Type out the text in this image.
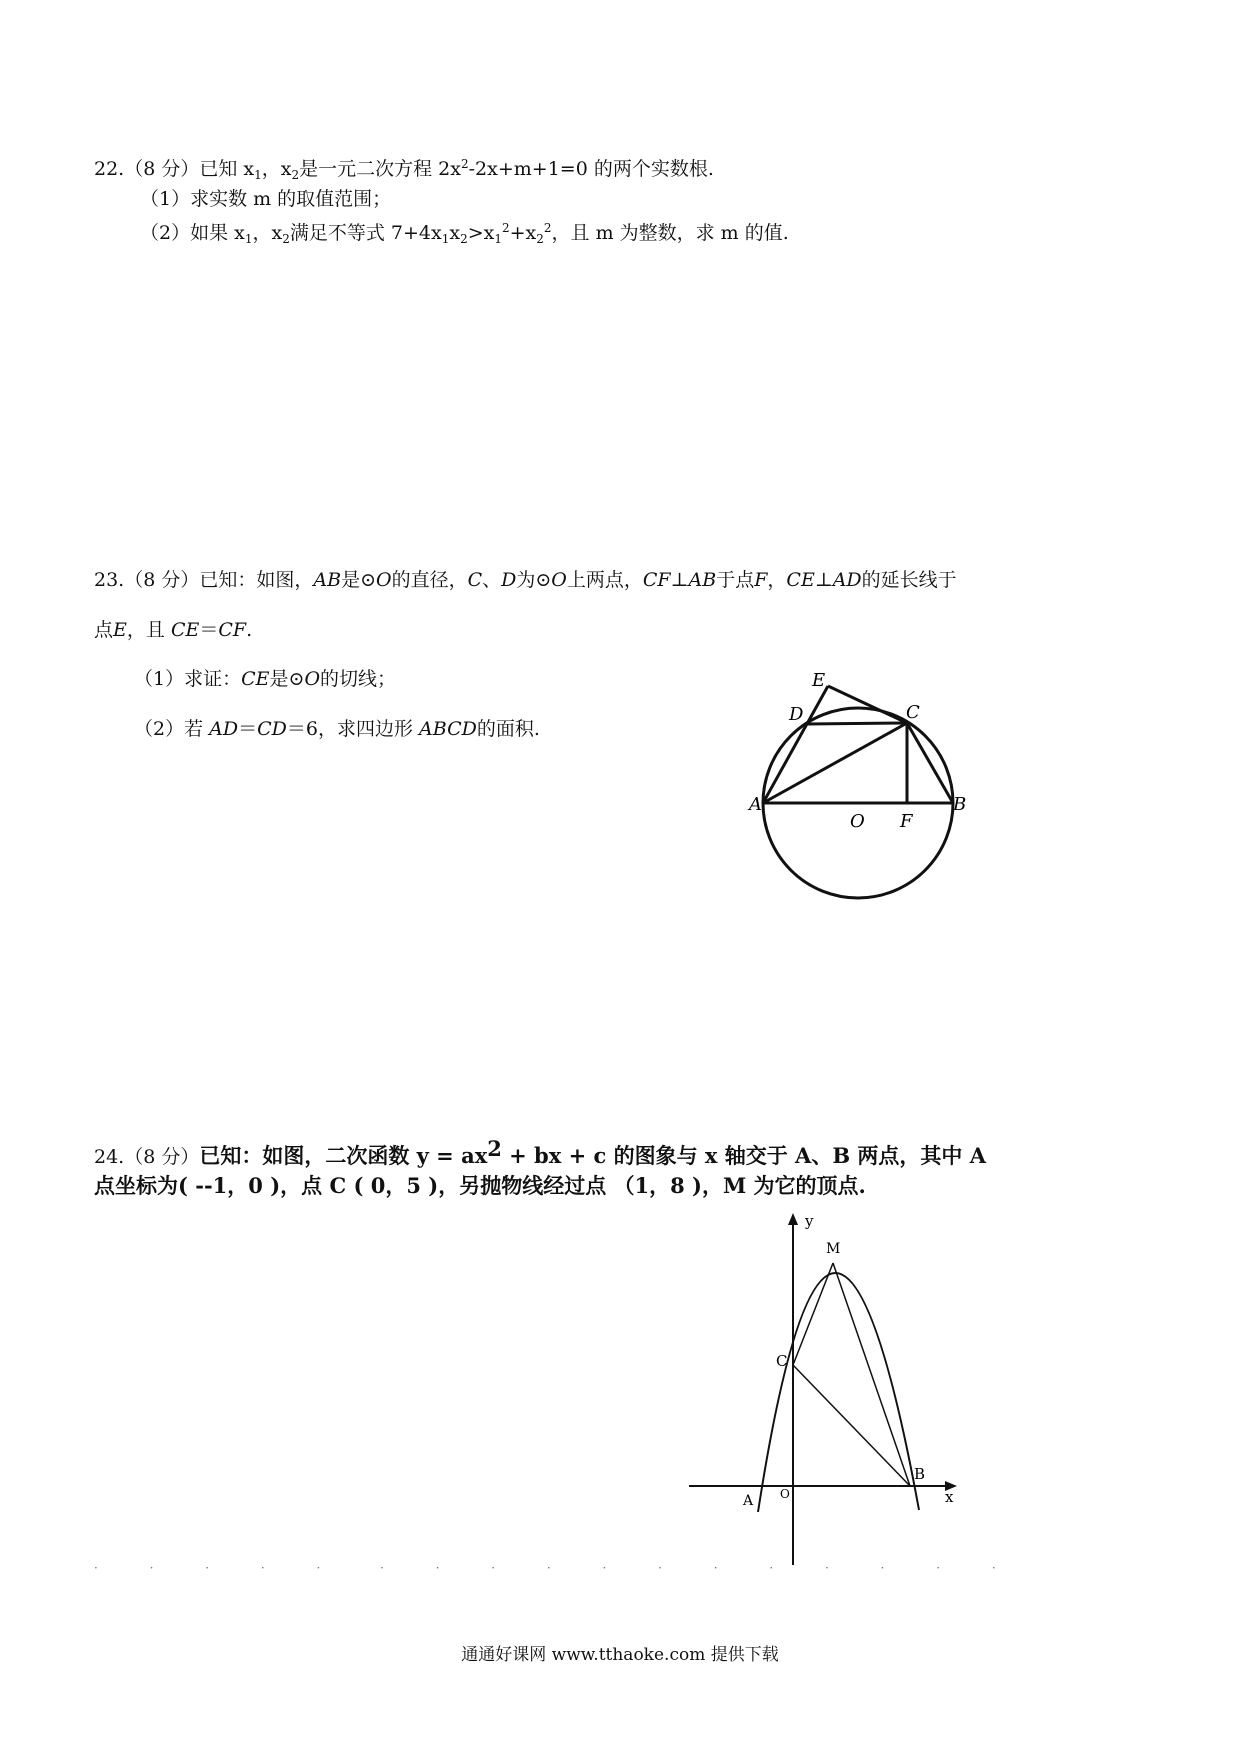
22.（8 分）已知 $x_1$，$x_2$是一元二次方程 $2x^2-2x+m+1=0$ 的两个实数根.
（1）求实数 m 的取值范围；
（2）如果 $x_1$，$x_2$满足不等式 $7+4x_1x_2>x_1^2+x_2^2$，且 m 为整数，求 m 的值.
23.（8 分）已知：如图，AB是⊙O的直径，C、D为⊙O上两点，CF⊥AB于点F，CE⊥AD的延长线于
点E，且 CE＝CF.
（1）求证：CE是⊙O的切线；
（2）若 AD＝CD＝6，求四边形 ABCD的面积.
E
D	C
A
O F
B
24.（8 分）已知：如图，二次函数 $y = ax^2$ + bx + c 的图象与 x 轴交于 A、B 两点，其中 A
点坐标为( --1，0 )，点 C ( 0，5 )，另抛物线经过点 （1，8 )，M 为它的顶点.
y
M
C
B
A O	x
· · · · ·	· · · · · · · · · · · ·
通通好课网 www.tthaoke.com 提供下载
